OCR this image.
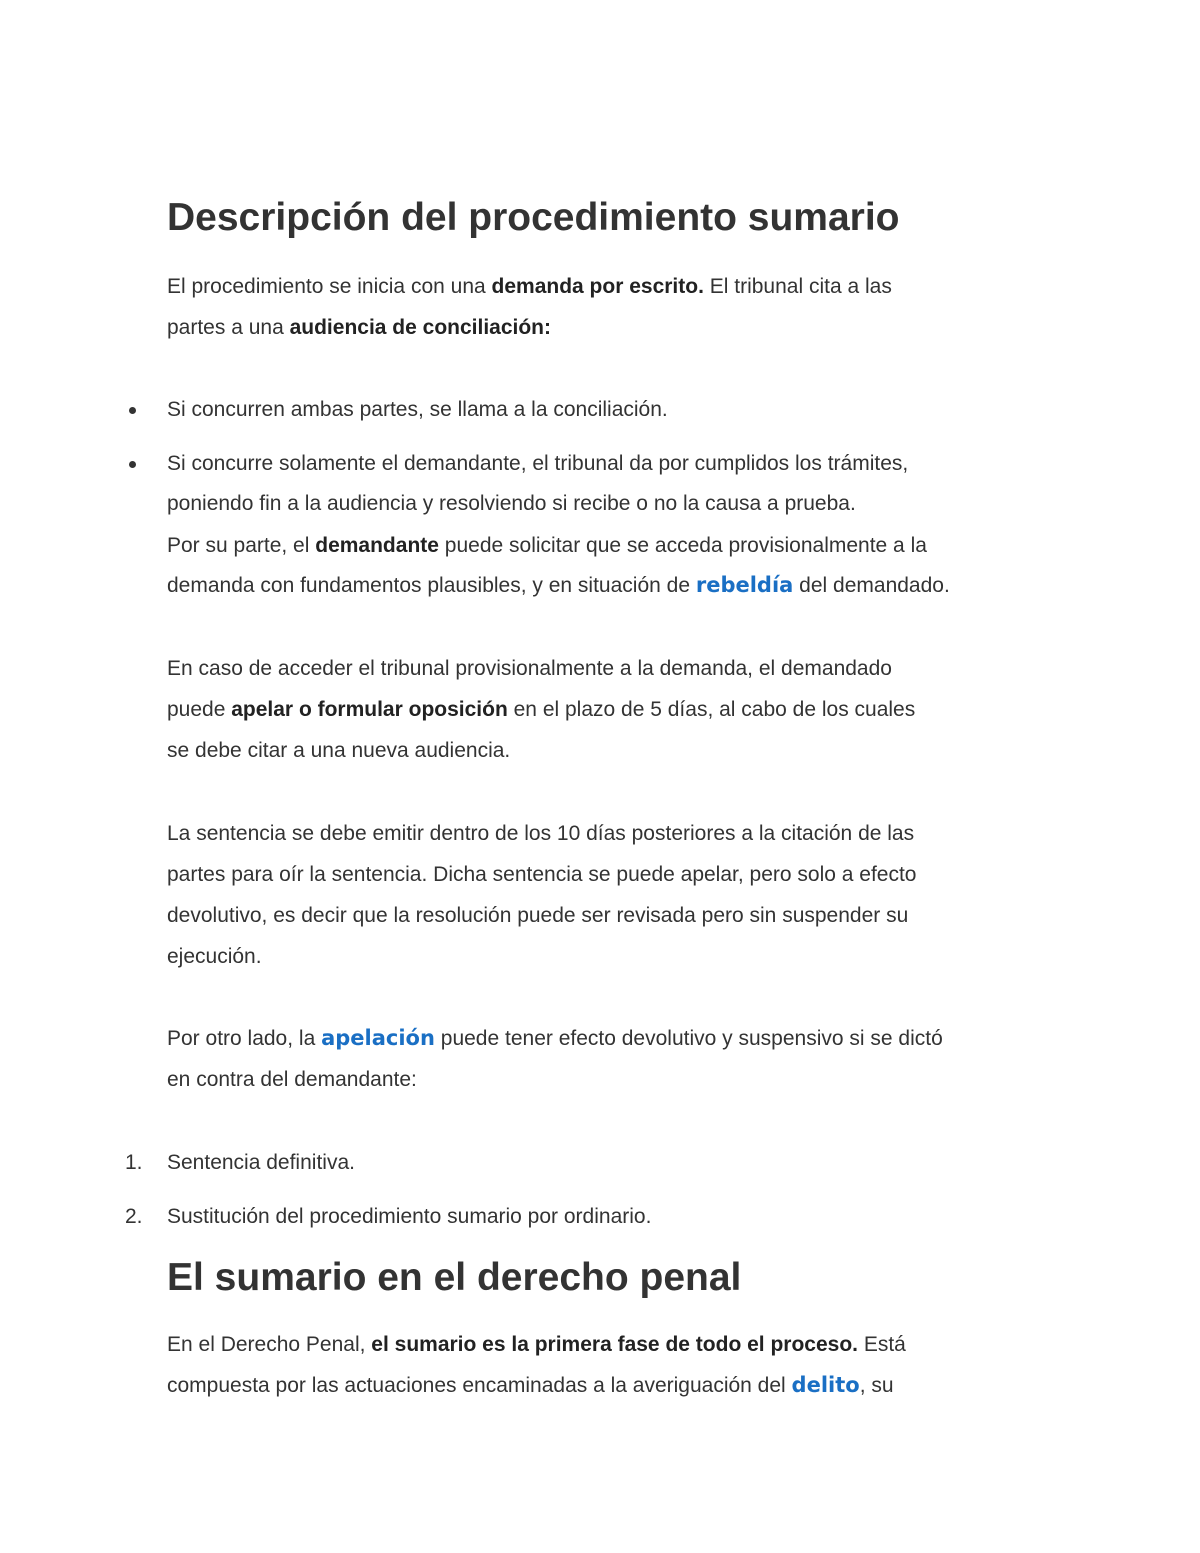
Descripción del procedimiento sumario

El procedimiento se inicia con una demanda por escrito. El tribunal cita a las

partes a una audiencia de conciliación:

Si concurren ambas partes, se llama a la conciliación.

Si concurre solamente el demandante, el tribunal da por cumplidos los trámites,

poniendo fin a la audiencia y resolviendo si recibe o no la causa a prueba.

Por su parte, el demandante puede solicitar que se acceda provisionalmente a la

demanda con fundamentos plausibles, y en situación de rebeldía del demandado.

En caso de acceder el tribunal provisionalmente a la demanda, el demandado

puede apelar o formular oposición en el plazo de 5 días, al cabo de los cuales

se debe citar a una nueva audiencia.

La sentencia se debe emitir dentro de los 10 días posteriores a la citación de las

partes para oír la sentencia. Dicha sentencia se puede apelar, pero solo a efecto

devolutivo, es decir que la resolución puede ser revisada pero sin suspender su

ejecución.

Por otro lado, la apelación puede tener efecto devolutivo y suspensivo si se dictó

en contra del demandante:

1.	Sentencia definitiva.

2.	Sustitución del procedimiento sumario por ordinario.

El sumario en el derecho penal

En el Derecho Penal, el sumario es la primera fase de todo el proceso. Está

compuesta por las actuaciones encaminadas a la averiguación del delito, su
